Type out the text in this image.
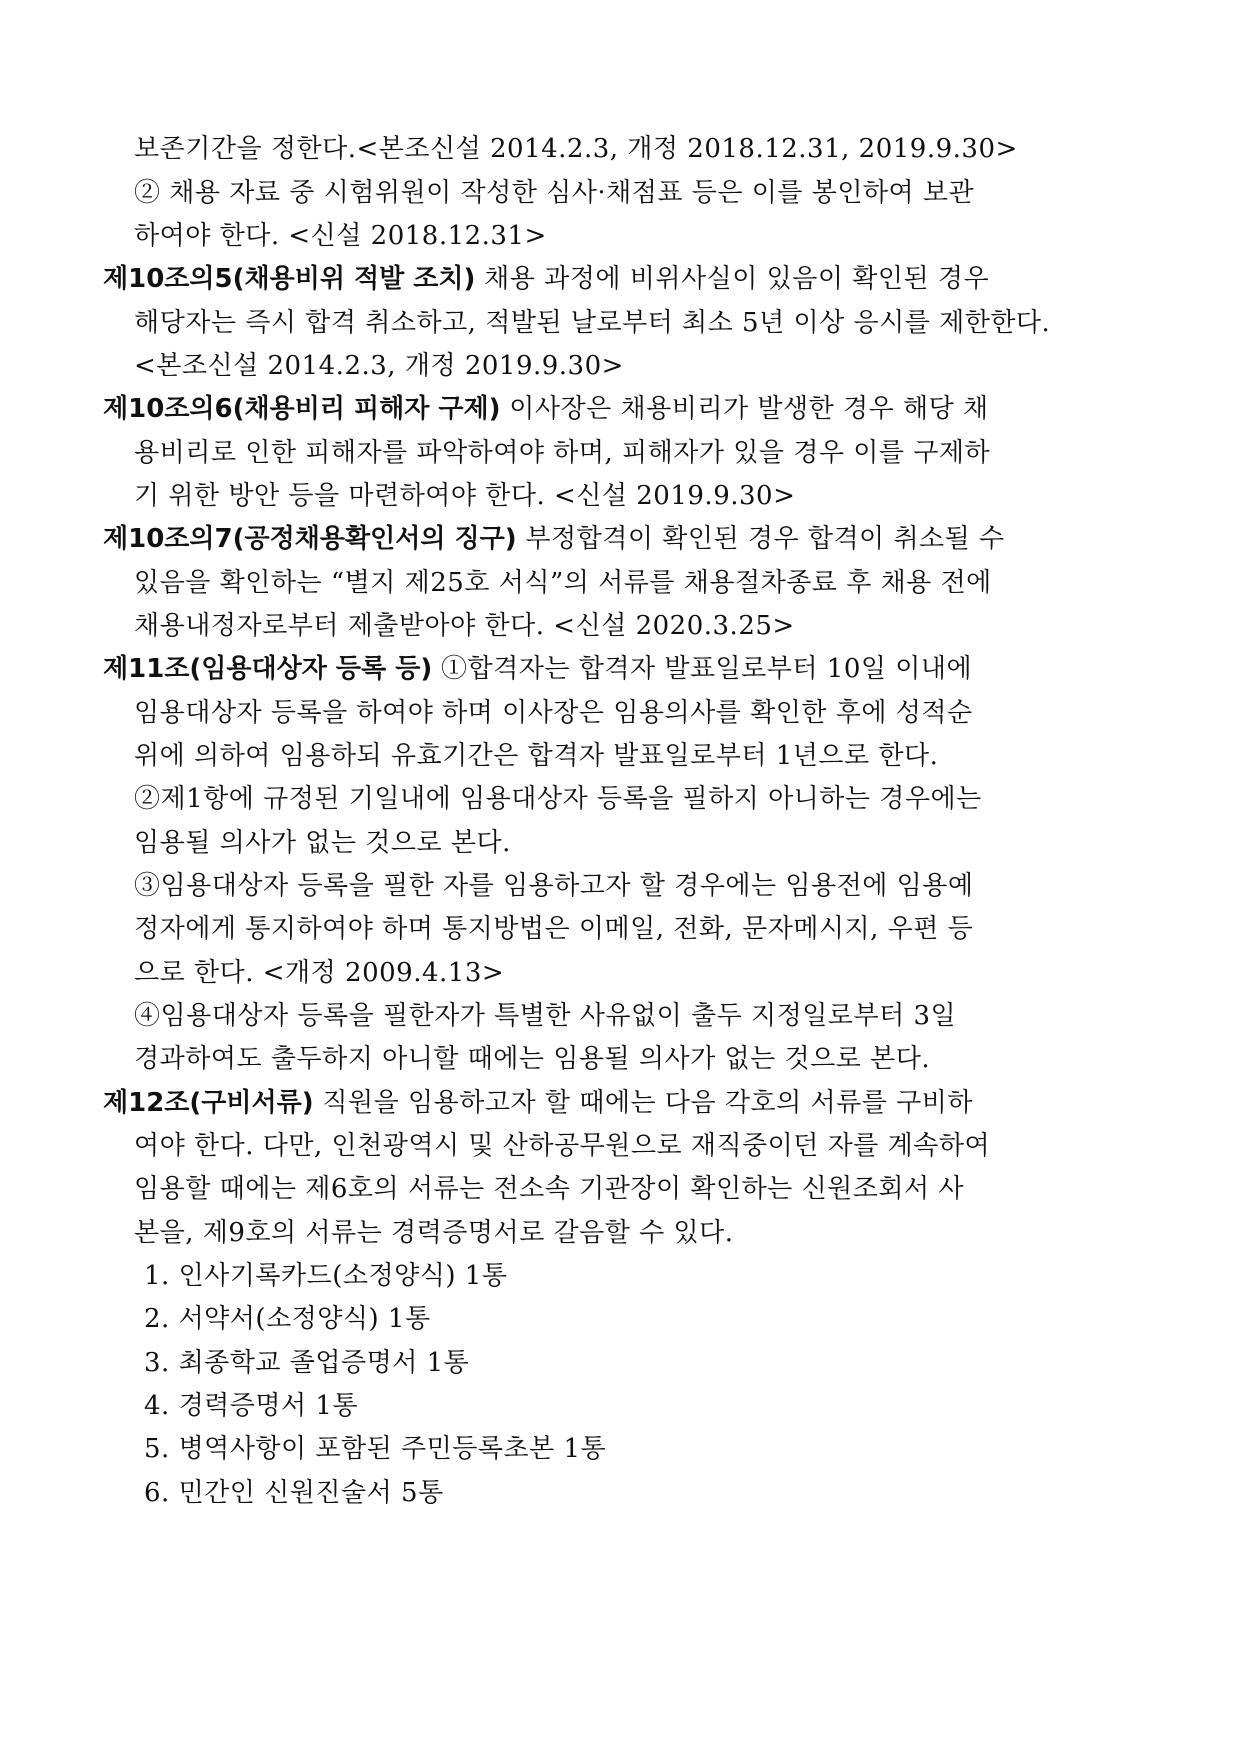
보존기간을 정한다.<본조신설 2014.2.3, 개정 2018.12.31, 2019.9.30>
② 채용 자료 중 시험위원이 작성한 심사·채점표 등은 이를 봉인하여 보관
하여야 한다. <신설 2018.12.31>
제10조의5(채용비위 적발 조치) 채용 과정에 비위사실이 있음이 확인된 경우
해당자는 즉시 합격 취소하고, 적발된 날로부터 최소 5년 이상 응시를 제한한다.
<본조신설 2014.2.3, 개정 2019.9.30>
제10조의6(채용비리 피해자 구제) 이사장은 채용비리가 발생한 경우 해당 채
용비리로 인한 피해자를 파악하여야 하며, 피해자가 있을 경우 이를 구제하
기 위한 방안 등을 마련하여야 한다. <신설 2019.9.30>
제10조의7(공정채용확인서의 징구) 부정합격이 확인된 경우 합격이 취소될 수
있음을 확인하는 “별지 제25호 서식”의 서류를 채용절차종료 후 채용 전에
채용내정자로부터 제출받아야 한다. <신설 2020.3.25>
제11조(임용대상자 등록 등) ①합격자는 합격자 발표일로부터 10일 이내에
임용대상자 등록을 하여야 하며 이사장은 임용의사를 확인한 후에 성적순
위에 의하여 임용하되 유효기간은 합격자 발표일로부터 1년으로 한다.
②제1항에 규정된 기일내에 임용대상자 등록을 필하지 아니하는 경우에는
임용될 의사가 없는 것으로 본다.
③임용대상자 등록을 필한 자를 임용하고자 할 경우에는 임용전에 임용예
정자에게 통지하여야 하며 통지방법은 이메일, 전화, 문자메시지, 우편 등
으로 한다. <개정 2009.4.13>
④임용대상자 등록을 필한자가 특별한 사유없이 출두 지정일로부터 3일
경과하여도 출두하지 아니할 때에는 임용될 의사가 없는 것으로 본다.
제12조(구비서류) 직원을 임용하고자 할 때에는 다음 각호의 서류를 구비하
여야 한다. 다만, 인천광역시 및 산하공무원으로 재직중이던 자를 계속하여
임용할 때에는 제6호의 서류는 전소속 기관장이 확인하는 신원조회서 사
본을, 제9호의 서류는 경력증명서로 갈음할 수 있다.
1. 인사기록카드(소정양식) 1통
2. 서약서(소정양식) 1통
3. 최종학교 졸업증명서 1통
4. 경력증명서 1통
5. 병역사항이 포함된 주민등록초본 1통
6. 민간인 신원진술서 5통
